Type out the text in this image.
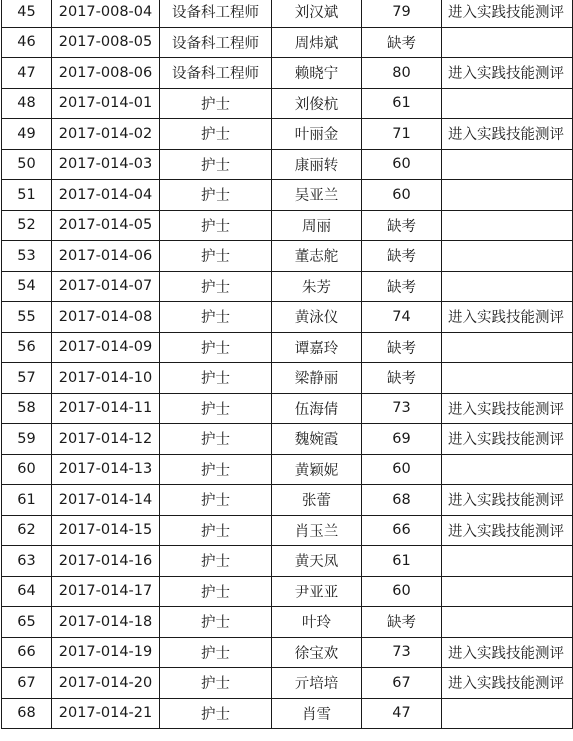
45	2017-008-04	设备科工程师	刘汉斌	79	进入实践技能测评
46	2017-008-05	设备科工程师	周炜斌	缺考	
47	2017-008-06	设备科工程师	赖晓宁	80	进入实践技能测评
48	2017-014-01	护士	刘俊杭	61	
49	2017-014-02	护士	叶丽金	71	进入实践技能测评
50	2017-014-03	护士	康丽转	60	
51	2017-014-04	护士	吴亚兰	60	
52	2017-014-05	护士	周丽	缺考	
53	2017-014-06	护士	董志舵	缺考	
54	2017-014-07	护士	朱芳	缺考	
55	2017-014-08	护士	黄泳仪	74	进入实践技能测评
56	2017-014-09	护士	谭嘉玲	缺考	
57	2017-014-10	护士	梁静丽	缺考	
58	2017-014-11	护士	伍海倩	73	进入实践技能测评
59	2017-014-12	护士	魏婉霞	69	进入实践技能测评
60	2017-014-13	护士	黄颖妮	60	
61	2017-014-14	护士	张蕾	68	进入实践技能测评
62	2017-014-15	护士	肖玉兰	66	进入实践技能测评
63	2017-014-16	护士	黄天凤	61	
64	2017-014-17	护士	尹亚亚	60	
65	2017-014-18	护士	叶玲	缺考	
66	2017-014-19	护士	徐宝欢	73	进入实践技能测评
67	2017-014-20	护士	亓培培	67	进入实践技能测评
68	2017-014-21	护士	肖雪	47	
